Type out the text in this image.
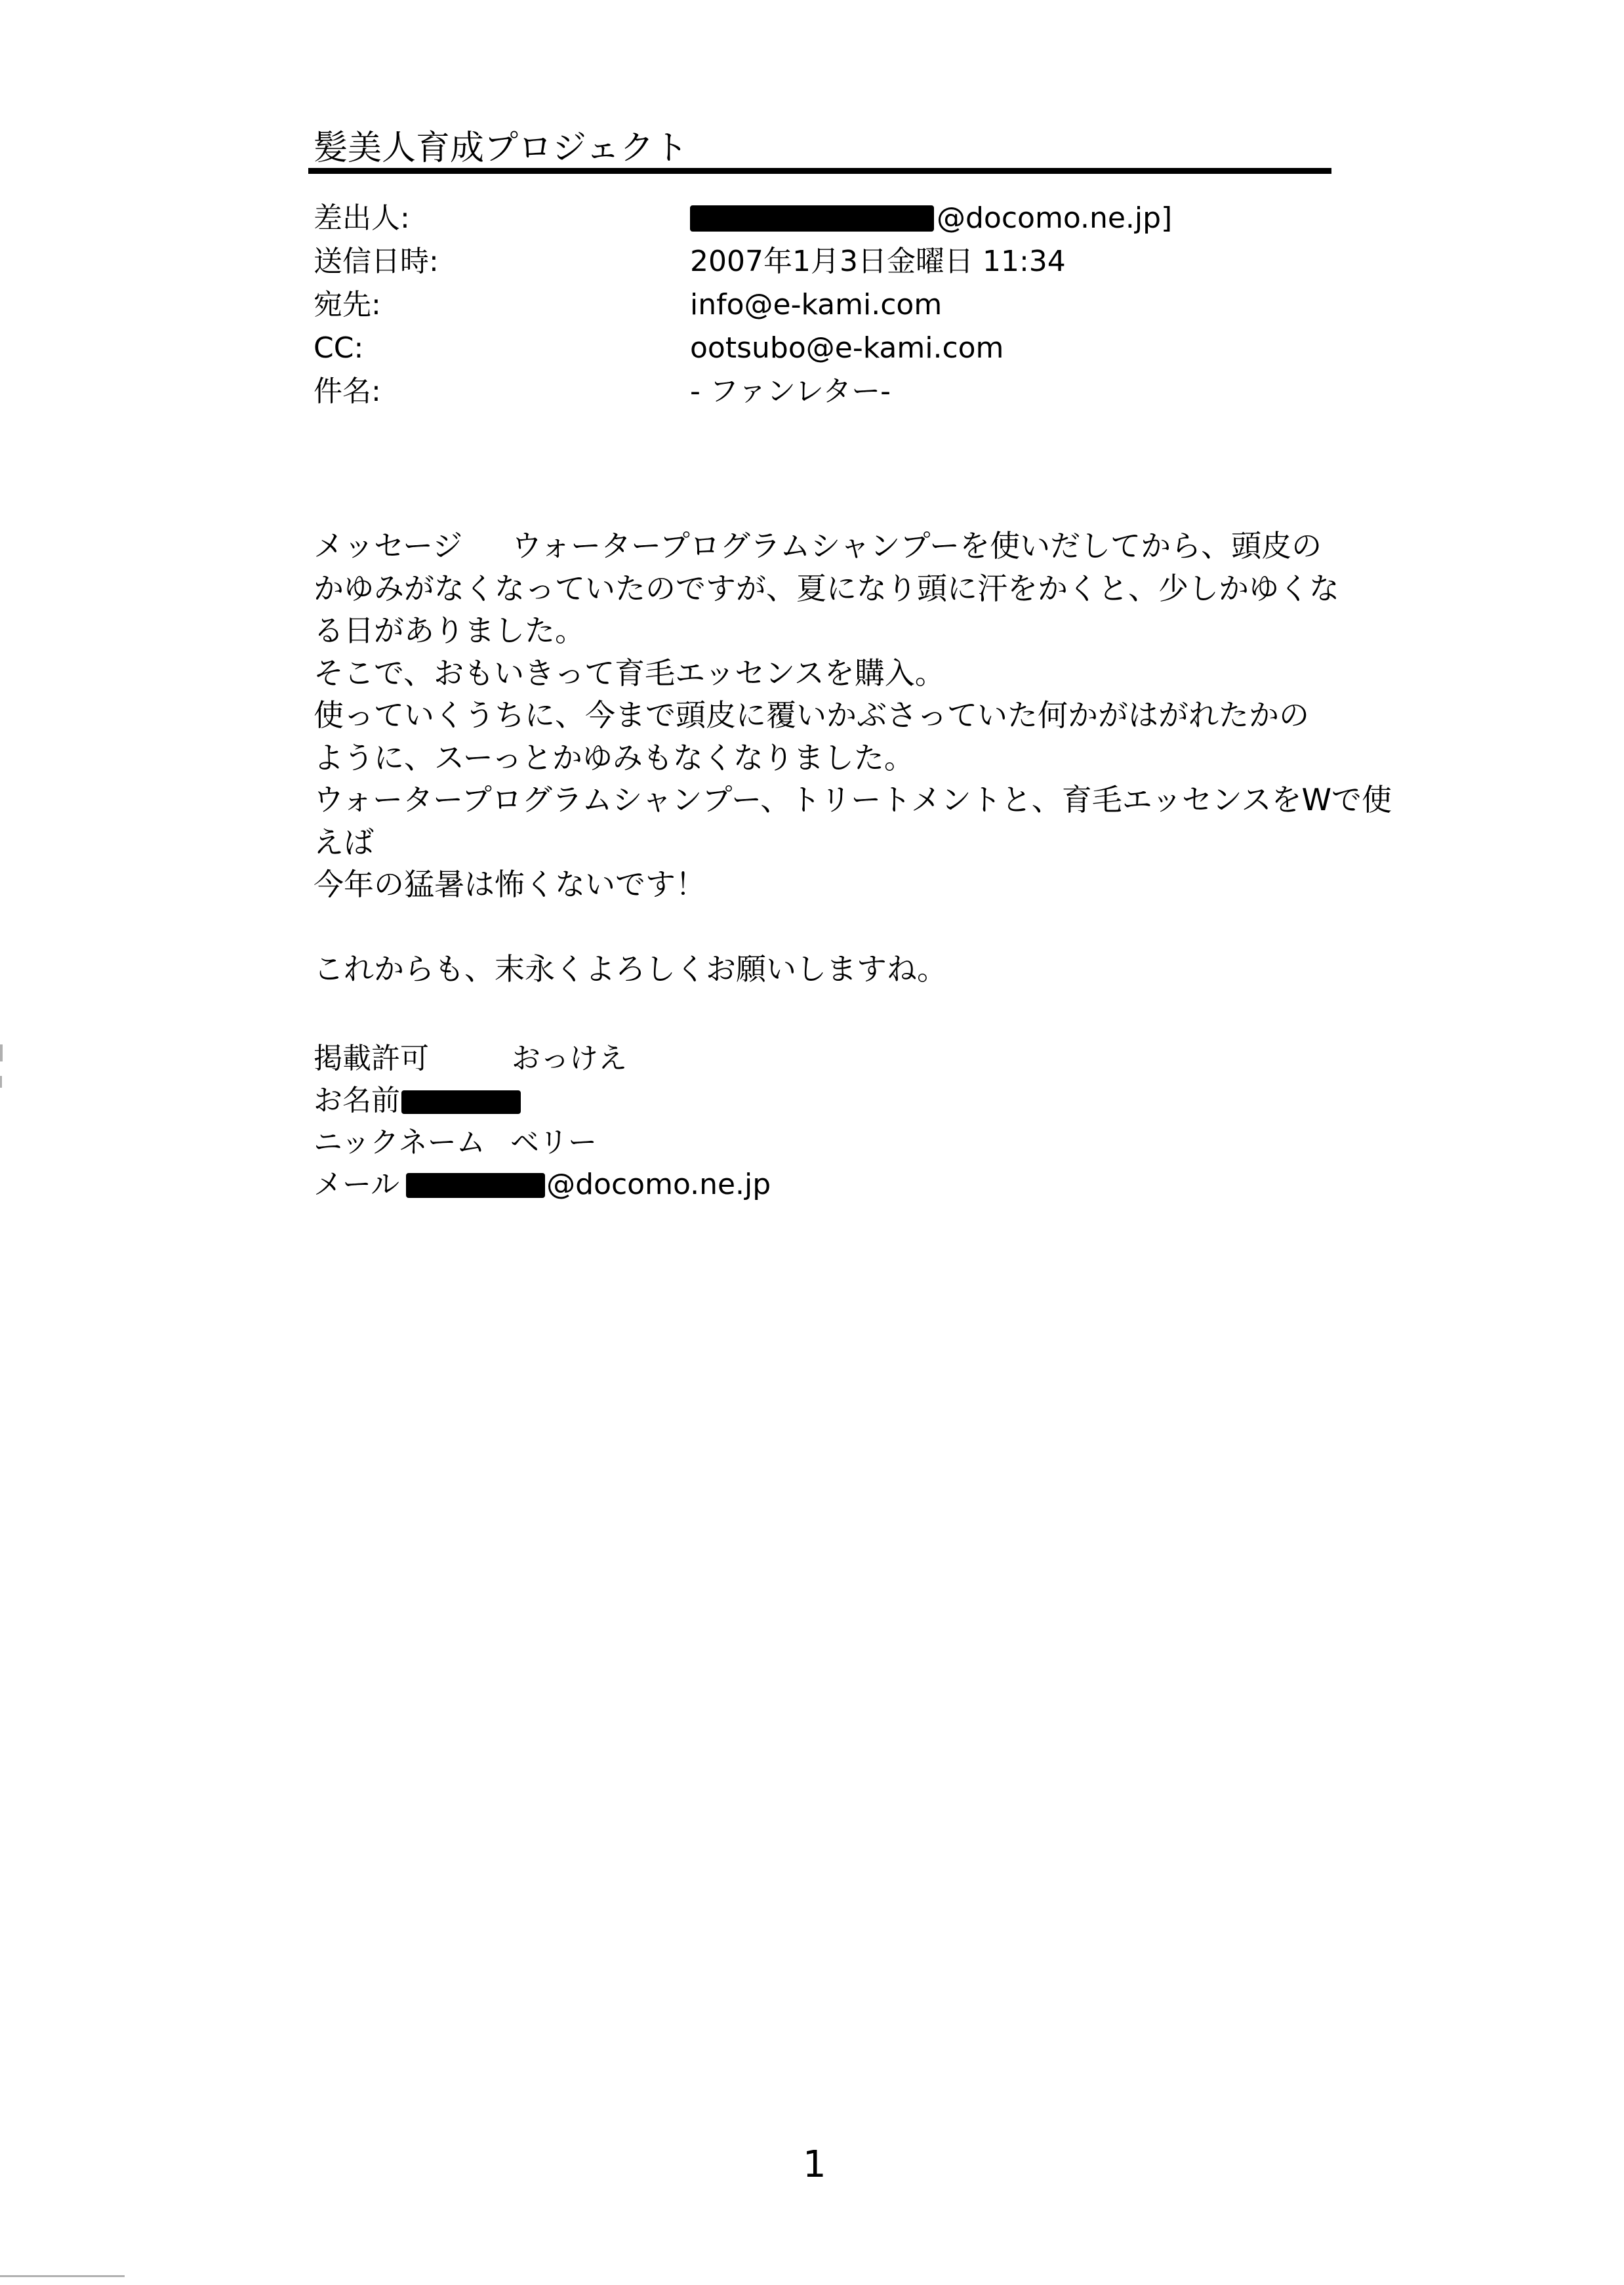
髪美人育成プロジェクト
差出人:	@docomo.ne.jp]
送信日時:	2007年1月3日金曜日 11:34
宛先:	info@e-kami.com
CC:	ootsubo@e-kami.com
件名:	- ファンレター-
メッセージ ウォータープログラムシャンプーを使いだしてから、頭皮の
かゆみがなくなっていたのですが、夏になり頭に汗をかくと、少しかゆくな
る日がありました。
そこで、おもいきって育毛エッセンスを購入。
使っていくうちに、今まで頭皮に覆いかぶさっていた何かがはがれたかの
ように、スーっとかゆみもなくなりました。
ウォータープログラムシャンプー、トリートメントと、育毛エッセンスをWで使
えば
今年の猛暑は怖くないです！
これからも、末永くよろしくお願いしますね。
掲載許可	おっけえ
お名前
ニックネーム ベリー
メール	@docomo.ne.jp
1
